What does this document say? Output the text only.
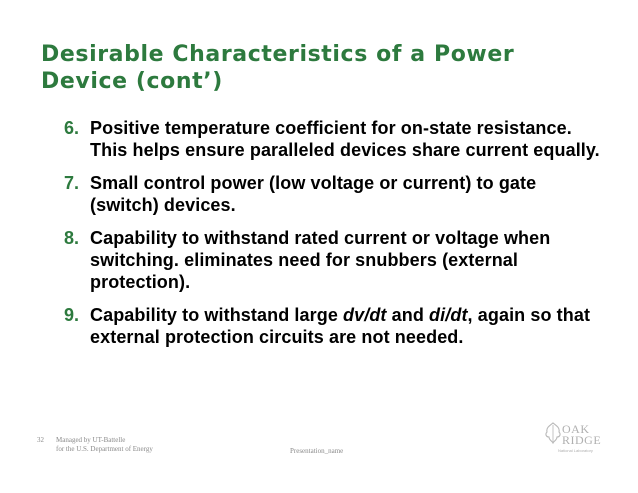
Desirable Characteristics of a Power Device (cont’)
6. Positive temperature coefficient for on-state resistance. This helps ensure paralleled devices share current equally.
7. Small control power (low voltage or current) to gate (switch) devices.
8. Capability to withstand rated current or voltage when switching. eliminates need for snubbers (external protection).
9. Capability to withstand large dv/dt and di/dt, again so that external protection circuits are not needed.
32 Managed by UT-Battelle
for the U.S. Department of Energy	Presentation_name
OAK
RIDGE
National Laboratory
